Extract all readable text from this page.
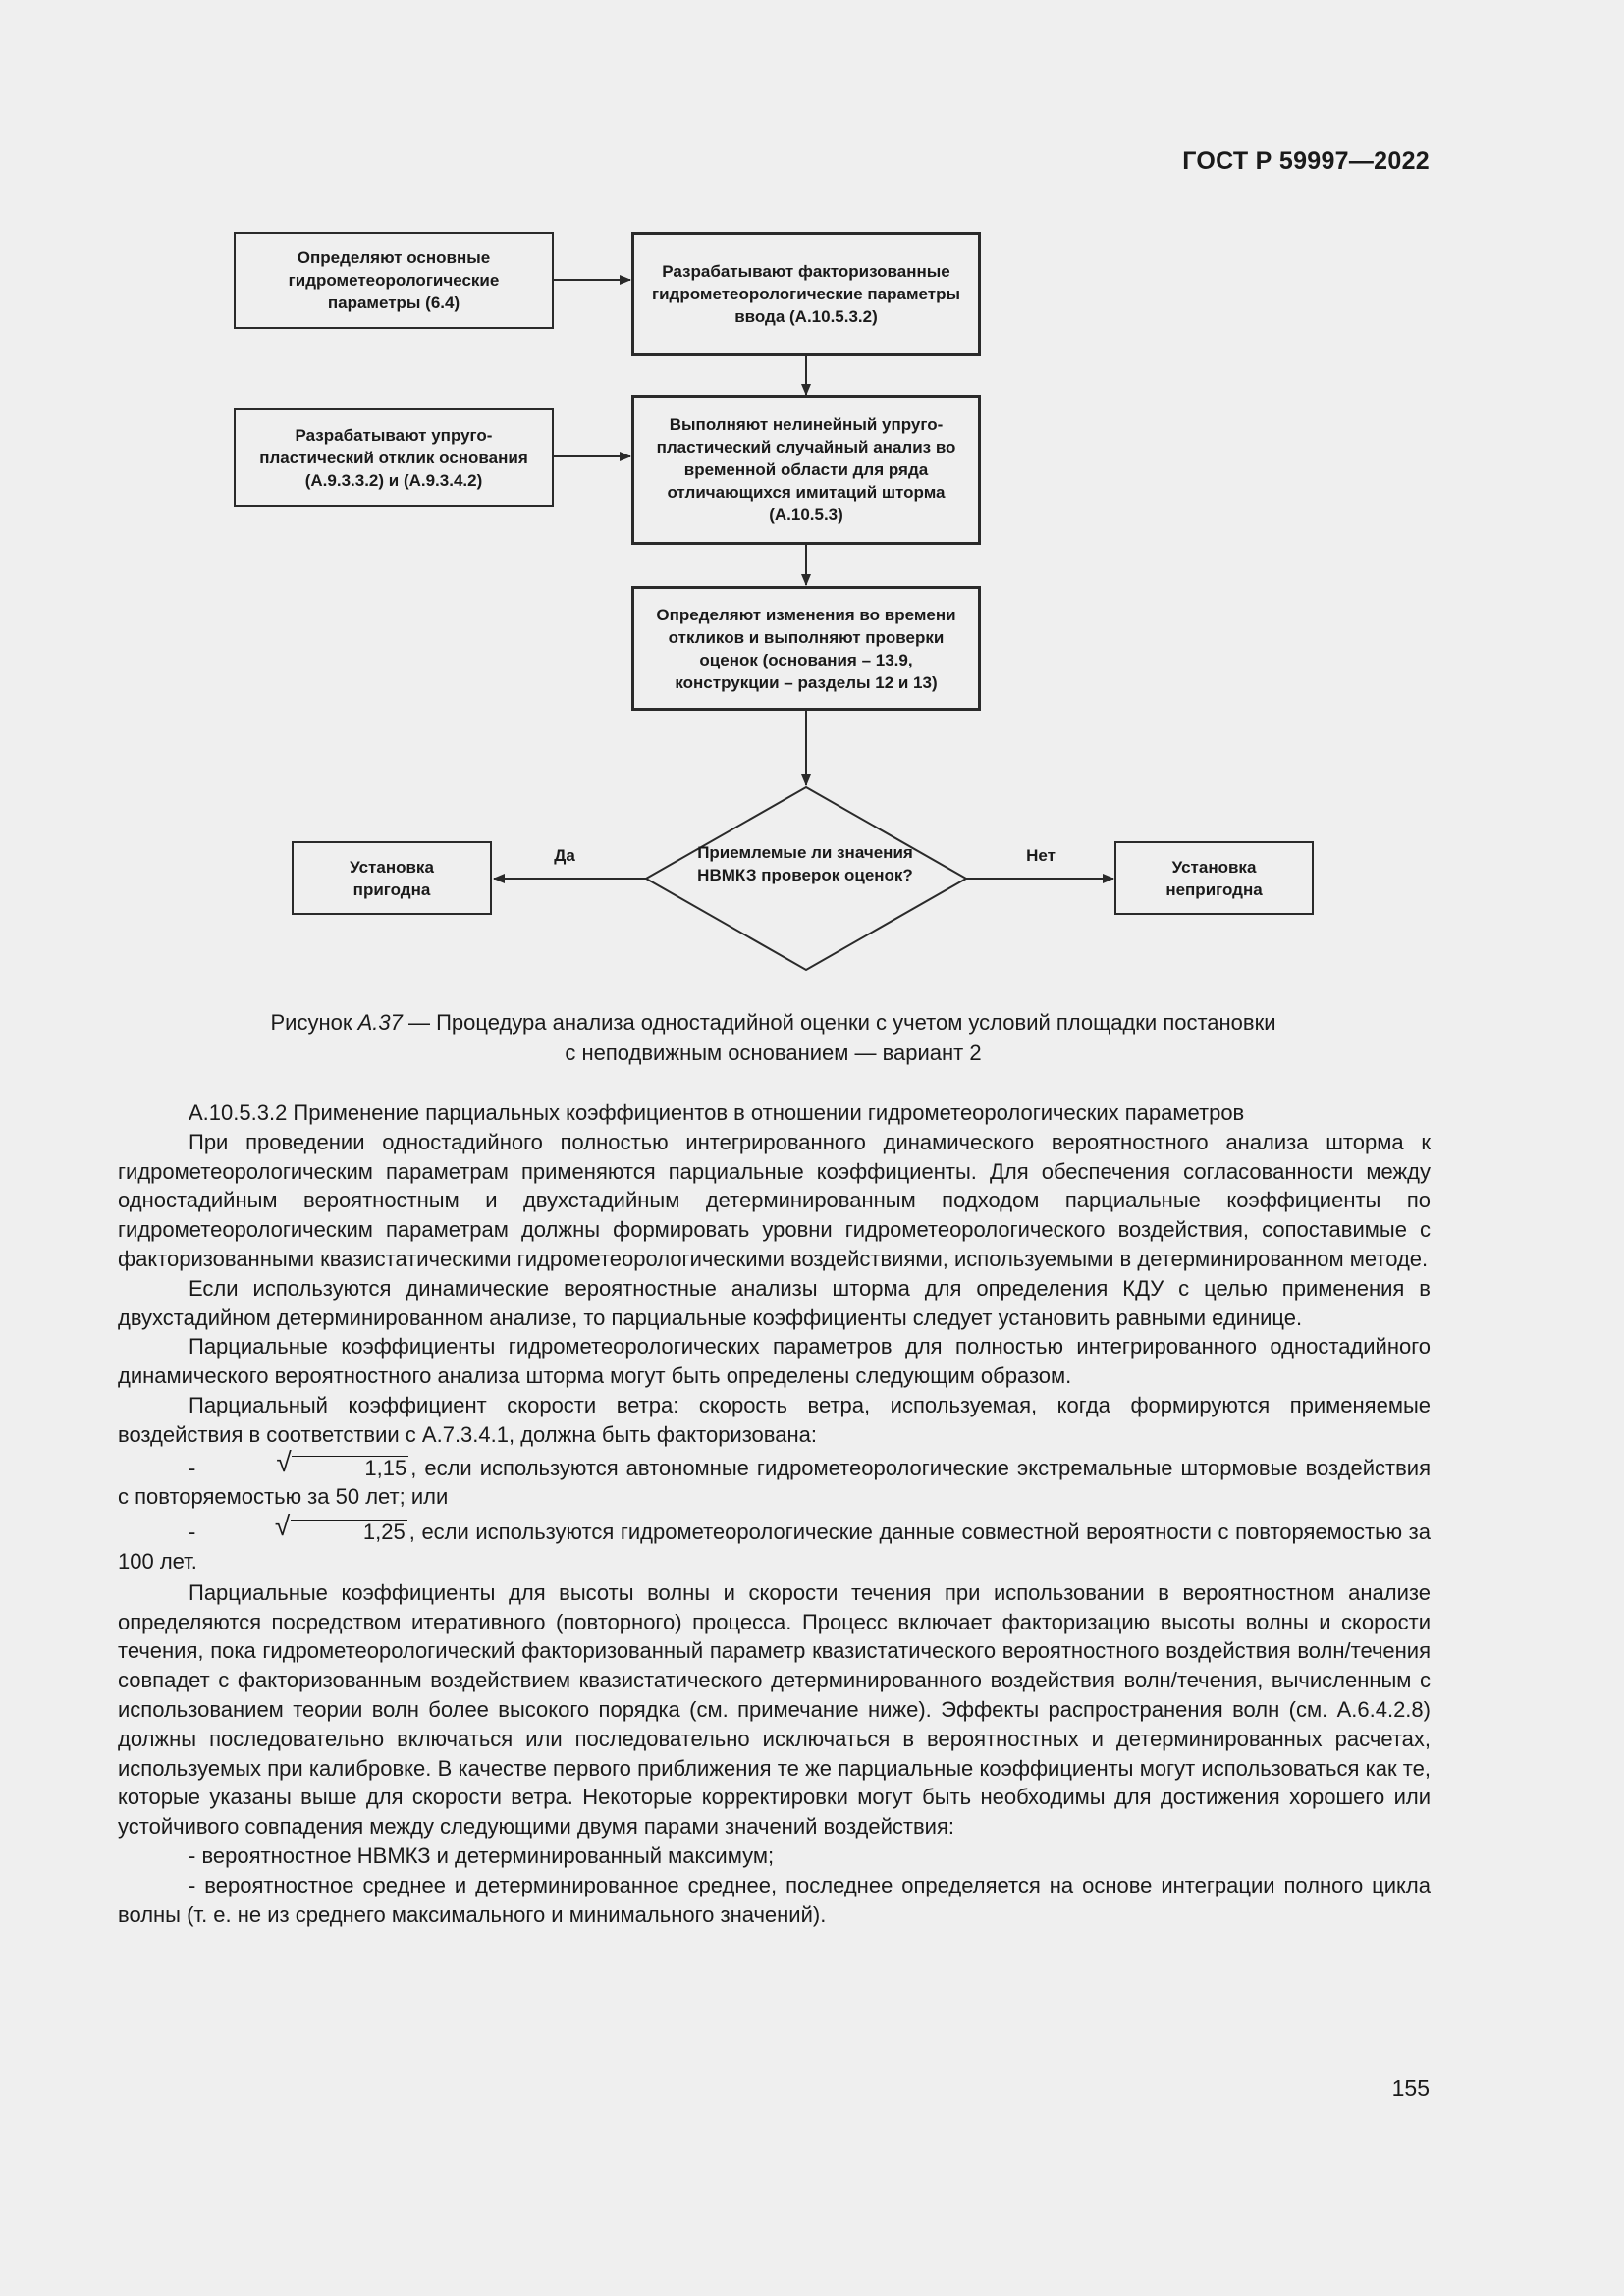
ГОСТ Р 59997—2022
Определяют основные гидрометеорологические параметры (6.4)
Разрабатывают факторизованные гидрометеорологические параметры ввода (А.10.5.3.2)
Разрабатывают упруго-пластический отклик основания (А.9.3.3.2) и (А.9.3.4.2)
Выполняют нелинейный упруго-пластический случайный анализ во временной области для ряда отличающихся имитаций шторма (А.10.5.3)
Определяют изменения во времени откликов и выполняют проверки оценок (основания – 13.9, конструкции – разделы 12 и 13)
Приемлемые ли значения НВМКЗ проверок оценок?
Да	Нет
Установка пригодна
Установка непригодна
Рисунок А.37 — Процедура анализа одностадийной оценки с учетом условий площадки постановки
с неподвижным основанием — вариант 2

А.10.5.3.2 Применение парциальных коэффициентов в отношении гидрометеорологических параметров

При проведении одностадийного полностью интегрированного динамического вероятностного анализа шторма к гидрометеорологическим параметрам применяются парциальные коэффициенты. Для обеспечения согласованности между одностадийным вероятностным и двухстадийным детерминированным подходом парциальные коэффициенты по гидрометеорологическим параметрам должны формировать уровни гидрометеорологического воздействия, сопоставимые с факторизованными квазистатическими гидрометеорологическими воздействиями, используемыми в детерминированном методе.

Если используются динамические вероятностные анализы шторма для определения КДУ с целью применения в двухстадийном детерминированном анализе, то парциальные коэффициенты следует установить равными единице.

Парциальные коэффициенты гидрометеорологических параметров для полностью интегрированного одностадийного динамического вероятностного анализа шторма могут быть определены следующим образом.

Парциальный коэффициент скорости ветра: скорость ветра, используемая, когда формируются применяемые воздействия в соответствии с А.7.3.4.1, должна быть факторизована:

-	√	1,15 , если используются автономные гидрометеорологические экстремальные штормовые воздействия с повторяемостью за 50 лет; или

-	√	1,25 , если используются гидрометеорологические данные совместной вероятности с повторяемостью за 100 лет.

Парциальные коэффициенты для высоты волны и скорости течения при использовании в вероятностном анализе определяются посредством итеративного (повторного) процесса. Процесс включает факторизацию высоты волны и скорости течения, пока гидрометеорологический факторизованный параметр квазистатического вероятностного воздействия волн/течения совпадет с факторизованным воздействием квазистатического детерминированного воздействия волн/течения, вычисленным с использованием теории волн более высокого порядка (см. примечание ниже). Эффекты распространения волн (см. А.6.4.2.8) должны последовательно включаться или последовательно исключаться в вероятностных и детерминированных расчетах, используемых при калибровке. В качестве первого приближения те же парциальные коэффициенты могут использоваться как те, которые указаны выше для скорости ветра. Некоторые корректировки могут быть необходимы для достижения хорошего или устойчивого совпадения между следующими двумя парами значений воздействия:

- вероятностное НВМКЗ и детерминированный максимум;

- вероятностное среднее и детерминированное среднее, последнее определяется на основе интеграции полного цикла волны (т. е. не из среднего максимального и минимального значений).

155
